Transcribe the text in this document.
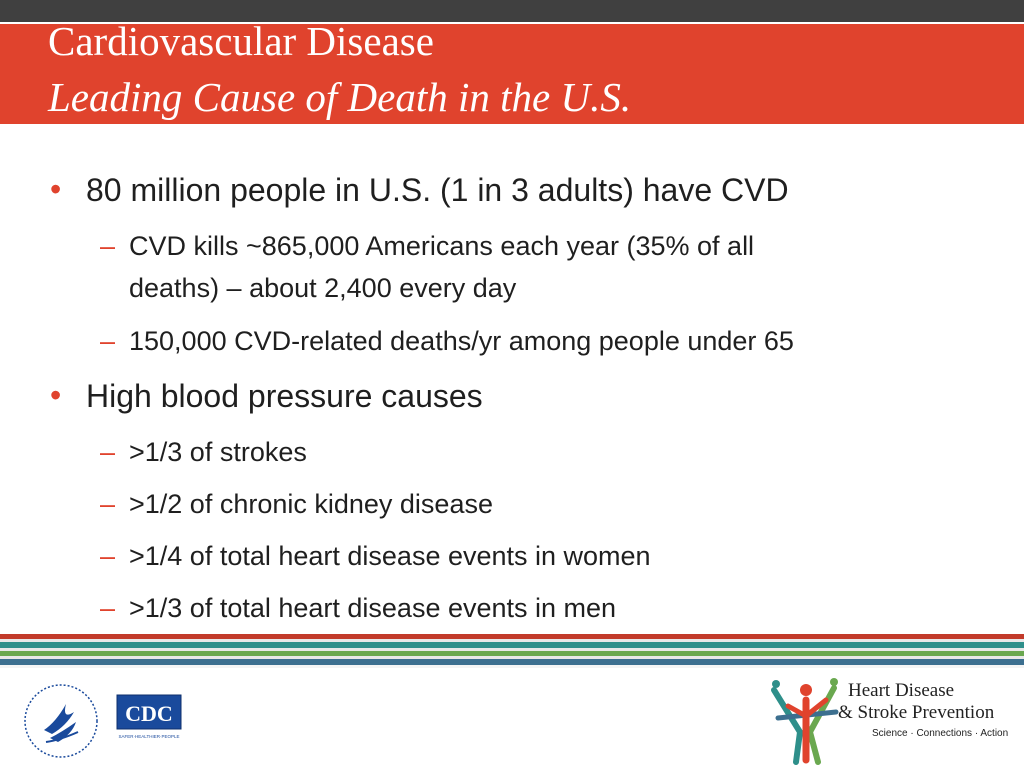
Cardiovascular Disease
Leading Cause of Death in the U.S.
• 80 million people in U.S. (1 in 3 adults) have CVD
– CVD kills ~865,000 Americans each year (35% of all
deaths) – about 2,400 every day
– 150,000 CVD-related deaths/yr among people under 65
• High blood pressure causes
– >1/3 of strokes
– >1/2 of chronic kidney disease
– >1/4 of total heart disease events in women
– >1/3 of total heart disease events in men
CDC
SAFER·HEALTHIER·PEOPLE
Heart Disease
& Stroke Prevention
Science · Connections · Action
